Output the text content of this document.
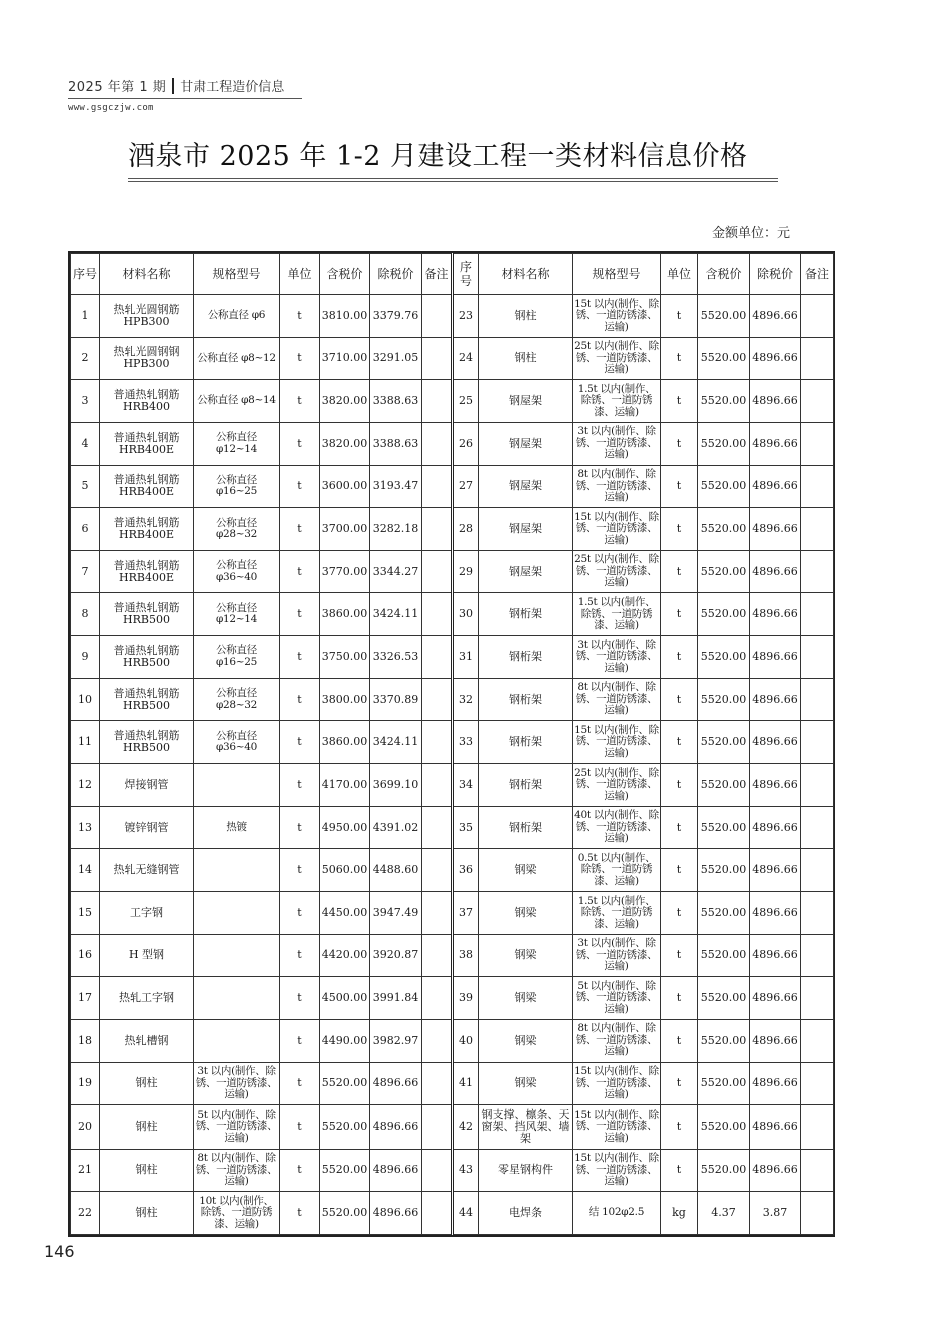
2025 年第 1 期 甘肃工程造价信息
www.gsgczjw.com
酒泉市 2025 年 1-2 月建设工程一类材料信息价格
金额单位：元
序号	材料名称	规格型号	单位	含税价	除税价	备注	序号	材料名称	规格型号	单位	含税价	除税价	备注
1	热轧光圆钢筋 HPB300	公称直径 φ6	t	3810.00	3379.76		23	钢柱	15t 以内(制作、除锈、一道防锈漆、运输)	t	5520.00	4896.66	
2	热轧光圆钢钢 HPB300	公称直径 φ8~12	t	3710.00	3291.05		24	钢柱	25t 以内(制作、除锈、一道防锈漆、运输)	t	5520.00	4896.66	
3	普通热轧钢筋 HRB400	公称直径 φ8~14	t	3820.00	3388.63		25	钢屋架	1.5t 以内(制作、除锈、一道防锈漆、运输)	t	5520.00	4896.66	
4	普通热轧钢筋 HRB400E	公称直径 φ12~14	t	3820.00	3388.63		26	钢屋架	3t 以内(制作、除锈、一道防锈漆、运输)	t	5520.00	4896.66	
5	普通热轧钢筋 HRB400E	公称直径 φ16~25	t	3600.00	3193.47		27	钢屋架	8t 以内(制作、除锈、一道防锈漆、运输)	t	5520.00	4896.66	
6	普通热轧钢筋 HRB400E	公称直径 φ28~32	t	3700.00	3282.18		28	钢屋架	15t 以内(制作、除锈、一道防锈漆、运输)	t	5520.00	4896.66	
7	普通热轧钢筋 HRB400E	公称直径 φ36~40	t	3770.00	3344.27		29	钢屋架	25t 以内(制作、除锈、一道防锈漆、运输)	t	5520.00	4896.66	
8	普通热轧钢筋 HRB500	公称直径 φ12~14	t	3860.00	3424.11		30	钢桁架	1.5t 以内(制作、除锈、一道防锈漆、运输)	t	5520.00	4896.66	
9	普通热轧钢筋 HRB500	公称直径 φ16~25	t	3750.00	3326.53		31	钢桁架	3t 以内(制作、除锈、一道防锈漆、运输)	t	5520.00	4896.66	
10	普通热轧钢筋 HRB500	公称直径 φ28~32	t	3800.00	3370.89		32	钢桁架	8t 以内(制作、除锈、一道防锈漆、运输)	t	5520.00	4896.66	
11	普通热轧钢筋 HRB500	公称直径 φ36~40	t	3860.00	3424.11		33	钢桁架	15t 以内(制作、除锈、一道防锈漆、运输)	t	5520.00	4896.66	
12	焊接钢管		t	4170.00	3699.10		34	钢桁架	25t 以内(制作、除锈、一道防锈漆、运输)	t	5520.00	4896.66	
13	镀锌钢管	热镀	t	4950.00	4391.02		35	钢桁架	40t 以内(制作、除锈、一道防锈漆、运输)	t	5520.00	4896.66	
14	热轧无缝钢管		t	5060.00	4488.60		36	钢梁	0.5t 以内(制作、除锈、一道防锈漆、运输)	t	5520.00	4896.66	
15	工字钢		t	4450.00	3947.49		37	钢梁	1.5t 以内(制作、除锈、一道防锈漆、运输)	t	5520.00	4896.66	
16	H 型钢		t	4420.00	3920.87		38	钢梁	3t 以内(制作、除锈、一道防锈漆、运输)	t	5520.00	4896.66	
17	热轧工字钢		t	4500.00	3991.84		39	钢梁	5t 以内(制作、除锈、一道防锈漆、运输)	t	5520.00	4896.66	
18	热轧槽钢		t	4490.00	3982.97		40	钢梁	8t 以内(制作、除锈、一道防锈漆、运输)	t	5520.00	4896.66	
19	钢柱	3t 以内(制作、除锈、一道防锈漆、运输)	t	5520.00	4896.66		41	钢梁	15t 以内(制作、除锈、一道防锈漆、运输)	t	5520.00	4896.66	
20	钢柱	5t 以内(制作、除锈、一道防锈漆、运输)	t	5520.00	4896.66		42	钢支撑、檩条、天窗架、挡风架、墙架	15t 以内(制作、除锈、一道防锈漆、运输)	t	5520.00	4896.66	
21	钢柱	8t 以内(制作、除锈、一道防锈漆、运输)	t	5520.00	4896.66		43	零星钢构件	15t 以内(制作、除锈、一道防锈漆、运输)	t	5520.00	4896.66	
22	钢柱	10t 以内(制作、除锈、一道防锈漆、运输)	t	5520.00	4896.66		44	电焊条	结 102φ2.5	kg	4.37	3.87	
146
